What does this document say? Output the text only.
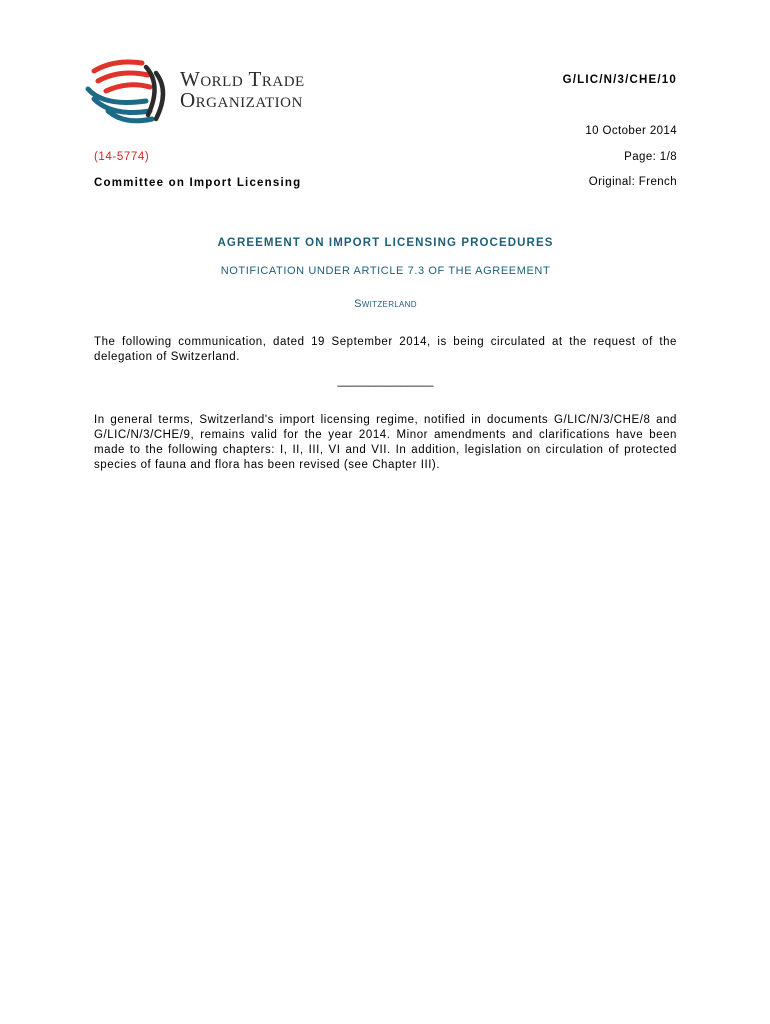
World Trade
Organization
G/LIC/N/3/CHE/10
10 October 2014
(14-5774)	Page: 1/8
Committee on Import Licensing	Original: French
AGREEMENT ON IMPORT LICENSING PROCEDURES
NOTIFICATION UNDER ARTICLE 7.3 OF THE AGREEMENT
Switzerland
The following communication, dated 19 September 2014, is being circulated at the request of the delegation of Switzerland.
_______________
In general terms, Switzerland's import licensing regime, notified in documents G/LIC/N/3/CHE/8 and G/LIC/N/3/CHE/9, remains valid for the year 2014. Minor amendments and clarifications have been made to the following chapters: I, II, III, VI and VII. In addition, legislation on circulation of protected species of fauna and flora has been revised (see Chapter III).
